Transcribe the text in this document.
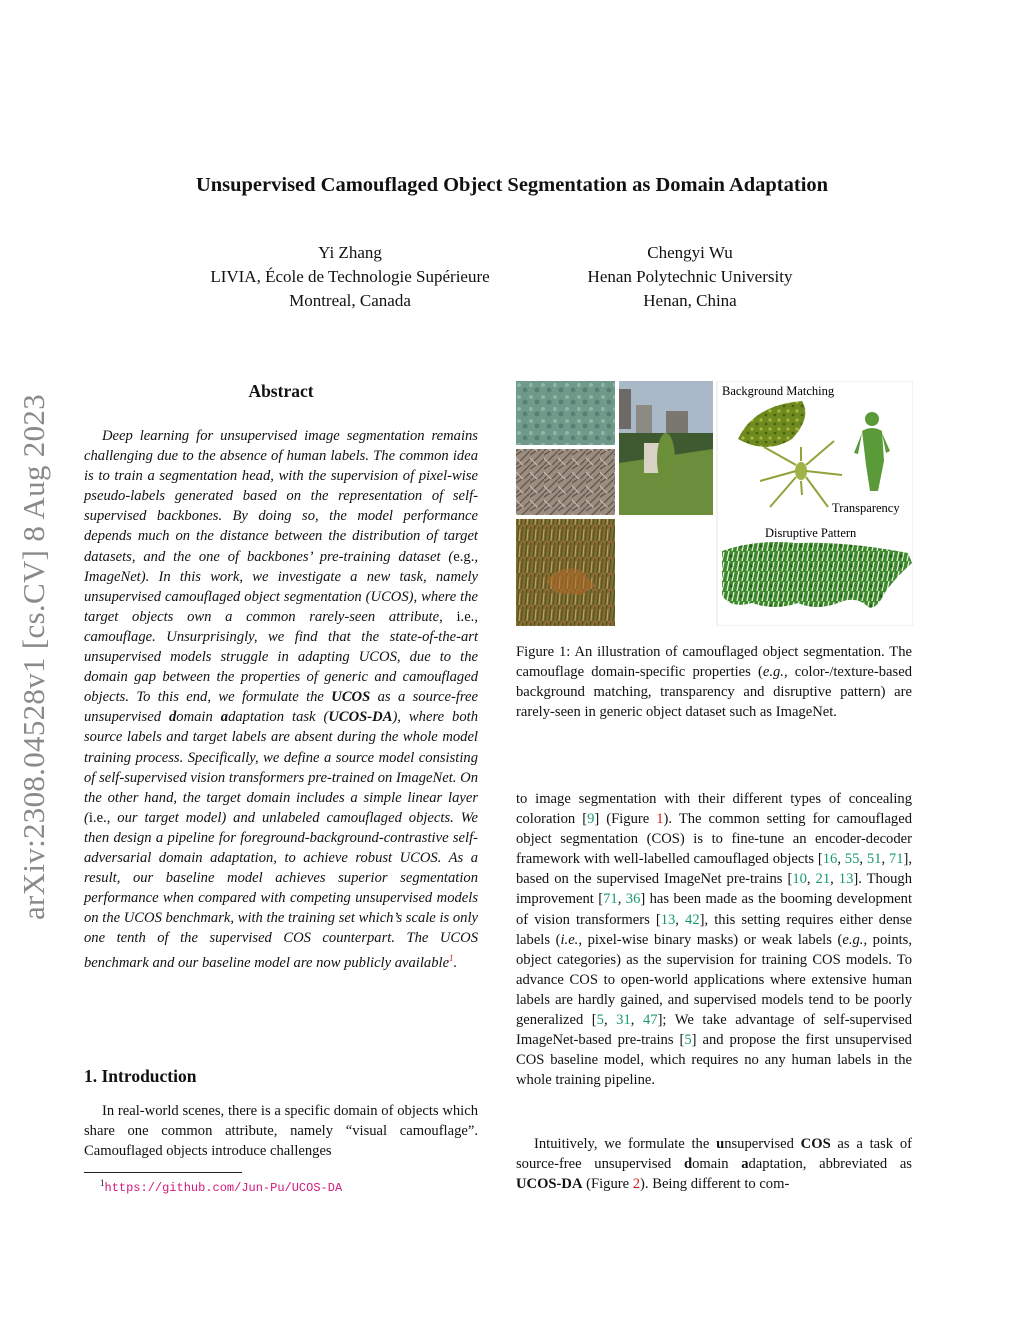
arXiv:2308.04528v1 [cs.CV] 8 Aug 2023
Unsupervised Camouflaged Object Segmentation as Domain Adaptation
Yi Zhang
LIVIA, École de Technologie Supérieure
Montreal, Canada
Chengyi Wu
Henan Polytechnic University
Henan, China
Abstract
Deep learning for unsupervised image segmentation remains challenging due to the absence of human labels. The common idea is to train a segmentation head, with the supervision of pixel-wise pseudo-labels generated based on the representation of self-supervised backbones. By doing so, the model performance depends much on the distance between the distribution of target datasets, and the one of backbones’ pre-training dataset (e.g., ImageNet). In this work, we investigate a new task, namely unsupervised camouflaged object segmentation (UCOS), where the target objects own a common rarely-seen attribute, i.e., camouflage. Unsurprisingly, we find that the state-of-the-art unsupervised models struggle in adapting UCOS, due to the domain gap between the properties of generic and camouflaged objects. To this end, we formulate the UCOS as a source-free unsupervised domain adaptation task (UCOS-DA), where both source labels and target labels are absent during the whole model training process. Specifically, we define a source model consisting of self-supervised vision transformers pre-trained on ImageNet. On the other hand, the target domain includes a simple linear layer (i.e., our target model) and unlabeled camouflaged objects. We then design a pipeline for foreground-background-contrastive self-adversarial domain adaptation, to achieve robust UCOS. As a result, our baseline model achieves superior segmentation performance when compared with competing unsupervised models on the UCOS benchmark, with the training set which’s scale is only one tenth of the supervised COS counterpart. The UCOS benchmark and our baseline model are now publicly available$^1$.
1. Introduction
In real-world scenes, there is a specific domain of objects which share one common attribute, namely “visual camouflage”. Camouflaged objects introduce challenges
$^1$https://github.com/Jun-Pu/UCOS-DA
Background Matching
Transparency
Disruptive Pattern
Figure 1: An illustration of camouflaged object segmentation. The camouflage domain-specific properties (e.g., color-/texture-based background matching, transparency and disruptive pattern) are rarely-seen in generic object dataset such as ImageNet.
to image segmentation with their different types of concealing coloration [9] (Figure 1). The common setting for camouflaged object segmentation (COS) is to fine-tune an encoder-decoder framework with well-labelled camouflaged objects [16, 55, 51, 71], based on the supervised ImageNet pre-trains [10, 21, 13]. Though improvement [71, 36] has been made as the booming development of vision transformers [13, 42], this setting requires either dense labels (i.e., pixel-wise binary masks) or weak labels (e.g., points, object categories) as the supervision for training COS models. To advance COS to open-world applications where extensive human labels are hardly gained, and supervised models tend to be poorly generalized [5, 31, 47]; We take advantage of self-supervised ImageNet-based pre-trains [5] and propose the first unsupervised COS baseline model, which requires no any human labels in the whole training pipeline.
Intuitively, we formulate the unsupervised COS as a task of source-free unsupervised domain adaptation, abbreviated as UCOS-DA (Figure 2). Being different to com-
